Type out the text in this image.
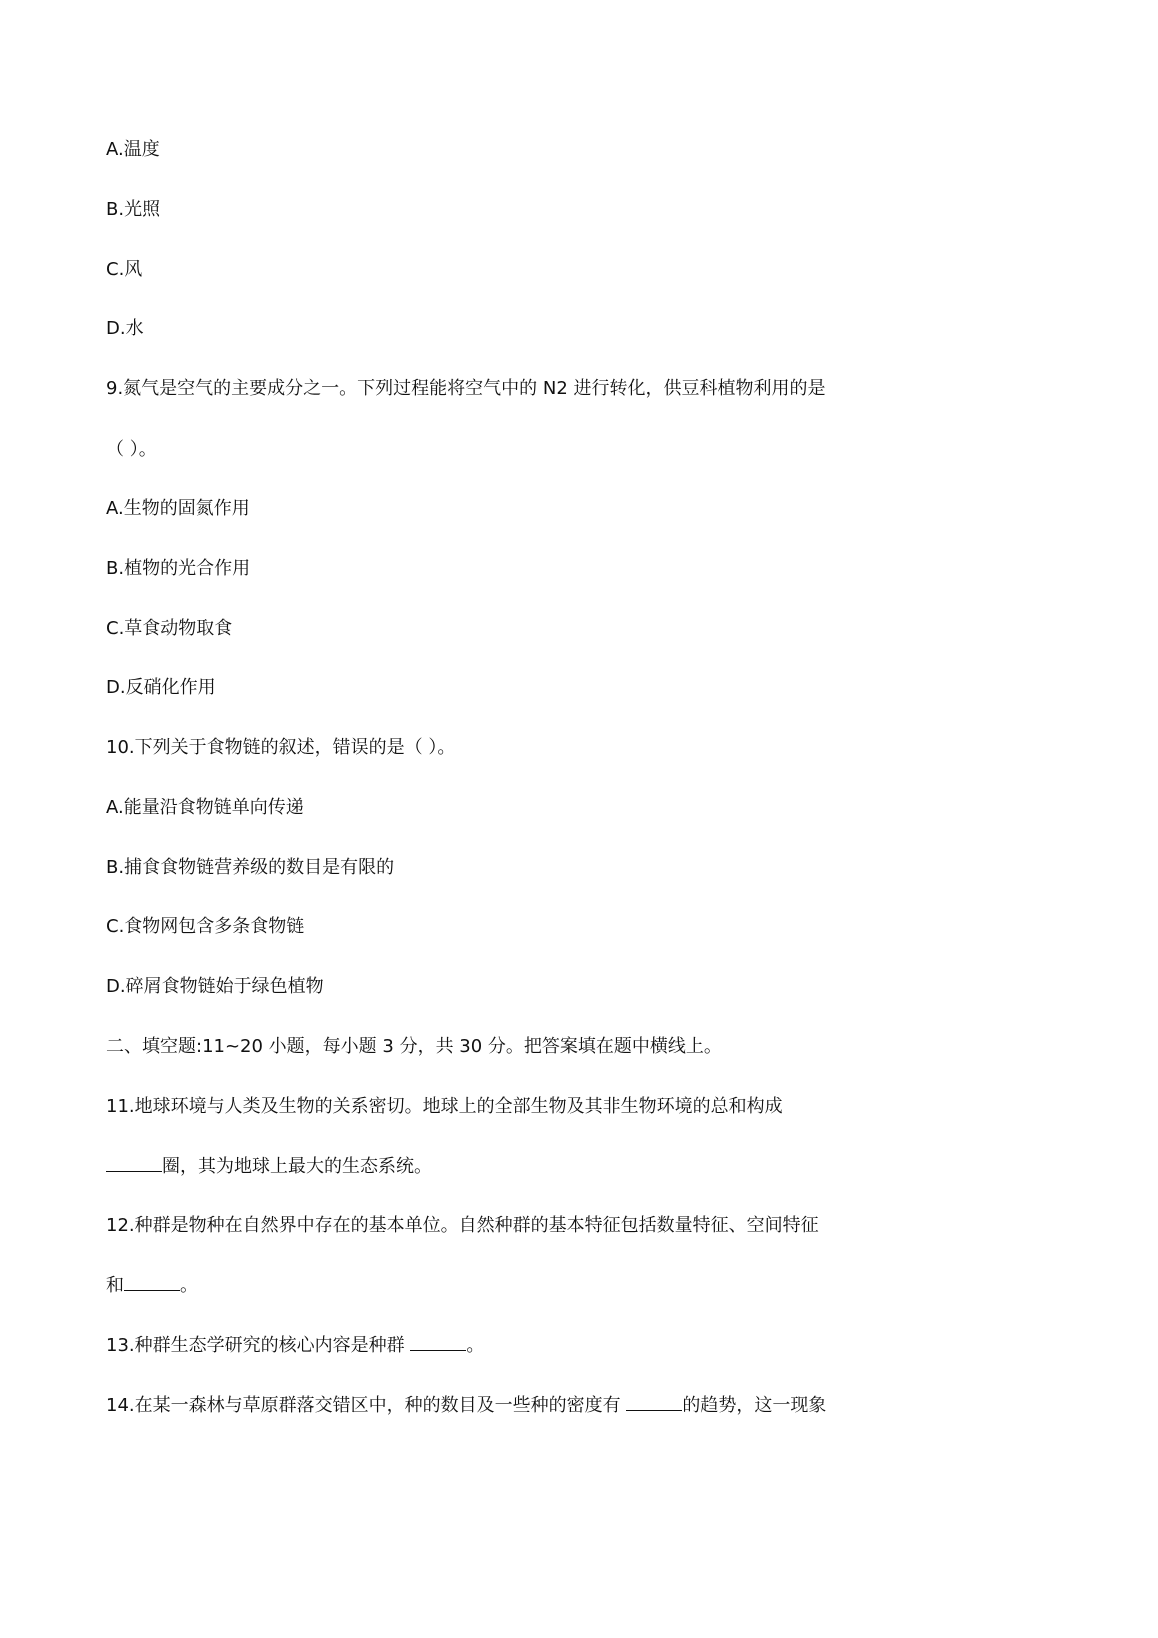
A.温度

B.光照

C.风

D.水

9.氮气是空气的主要成分之一。下列过程能将空气中的 N2 进行转化，供豆科植物利用的是

（ ）。

A.生物的固氮作用

B.植物的光合作用

C.草食动物取食

D.反硝化作用

10.下列关于食物链的叙述，错误的是（ ）。

A.能量沿食物链单向传递

B.捕食食物链营养级的数目是有限的

C.食物网包含多条食物链

D.碎屑食物链始于绿色植物

二、填空题:11~20 小题，每小题 3 分，共 30 分。把答案填在题中横线上。

11.地球环境与人类及生物的关系密切。地球上的全部生物及其非生物环境的总和构成

圈，其为地球上最大的生态系统。

12.种群是物种在自然界中存在的基本单位。自然种群的基本特征包括数量特征、空间特征

和	。

13.种群生态学研究的核心内容是种群	。

14.在某一森林与草原群落交错区中，种的数目及一些种的密度有	的趋势，这一现象
